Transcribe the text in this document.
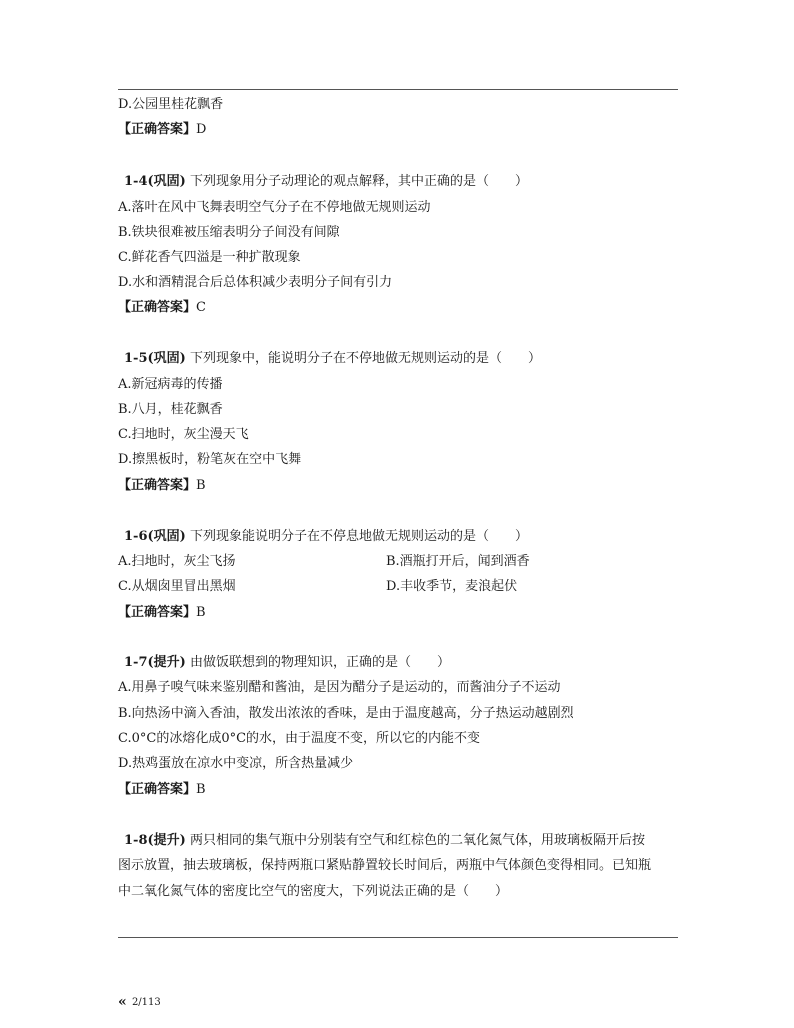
D.公园里桂花飘香
【正确答案】D
1-4(巩固) 下列现象用分子动理论的观点解释，其中正确的是（　　）
A.落叶在风中飞舞表明空气分子在不停地做无规则运动
B.铁块很难被压缩表明分子间没有间隙
C.鲜花香气四溢是一种扩散现象
D.水和酒精混合后总体积减少表明分子间有引力
【正确答案】C
1-5(巩固) 下列现象中，能说明分子在不停地做无规则运动的是（　　）
A.新冠病毒的传播
B.八月，桂花飘香
C.扫地时，灰尘漫天飞
D.擦黑板时，粉笔灰在空中飞舞
【正确答案】B
1-6(巩固) 下列现象能说明分子在不停息地做无规则运动的是（　　）
A.扫地时，灰尘飞扬	B.酒瓶打开后，闻到酒香
C.从烟囱里冒出黑烟	D.丰收季节，麦浪起伏
【正确答案】B
1-7(提升) 由做饭联想到的物理知识，正确的是（　　）
A.用鼻子嗅气味来鉴别醋和酱油，是因为醋分子是运动的，而酱油分子不运动
B.向热汤中滴入香油，散发出浓浓的香味，是由于温度越高，分子热运动越剧烈
C.0°C的冰熔化成0°C的水，由于温度不变，所以它的内能不变
D.热鸡蛋放在凉水中变凉，所含热量减少
【正确答案】B
1-8(提升) 两只相同的集气瓶中分别装有空气和红棕色的二氧化氮气体，用玻璃板隔开后按
图示放置，抽去玻璃板，保持两瓶口紧贴静置较长时间后，两瓶中气体颜色变得相同。已知瓶
中二氧化氮气体的密度比空气的密度大，下列说法正确的是（　　）
« 2/113
